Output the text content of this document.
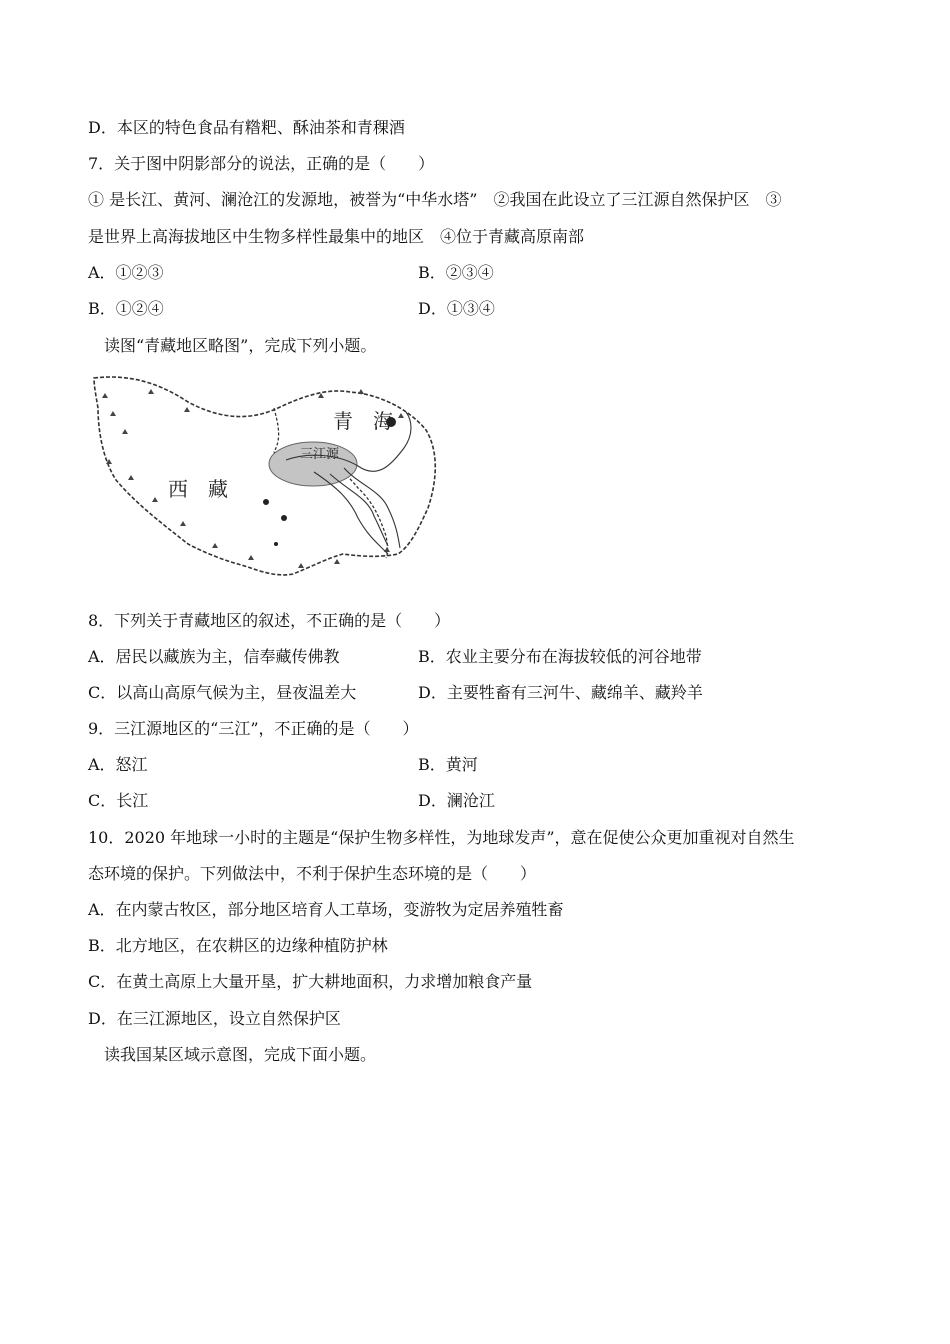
D．本区的特色食品有糌粑、酥油茶和青稞酒
7．关于图中阴影部分的说法，正确的是（　　）
① 是长江、黄河、澜沧江的发源地，被誉为“中华水塔”　②我国在此设立了三江源自然保护区　③
是世界上高海拔地区中生物多样性最集中的地区　④位于青藏高原南部
A．①②③	B．②③④
B．①②④	D．①③④
读图“青藏地区略图”，完成下列小题。
青　海
西　藏
三江源
8．下列关于青藏地区的叙述，不正确的是（　　）
A．居民以藏族为主，信奉藏传佛教	B．农业主要分布在海拔较低的河谷地带
C．以高山高原气候为主，昼夜温差大	D．主要牲畜有三河牛、藏绵羊、藏羚羊
9．三江源地区的“三江”，不正确的是（　　）
A．怒江	B．黄河
C．长江	D．澜沧江
10．2020 年地球一小时的主题是“保护生物多样性，为地球发声”，意在促使公众更加重视对自然生
态环境的保护。下列做法中，不利于保护生态环境的是（　　）
A．在内蒙古牧区，部分地区培育人工草场，变游牧为定居养殖牲畜
B．北方地区，在农耕区的边缘种植防护林
C．在黄土高原上大量开垦，扩大耕地面积，力求增加粮食产量
D．在三江源地区，设立自然保护区
读我国某区域示意图，完成下面小题。
